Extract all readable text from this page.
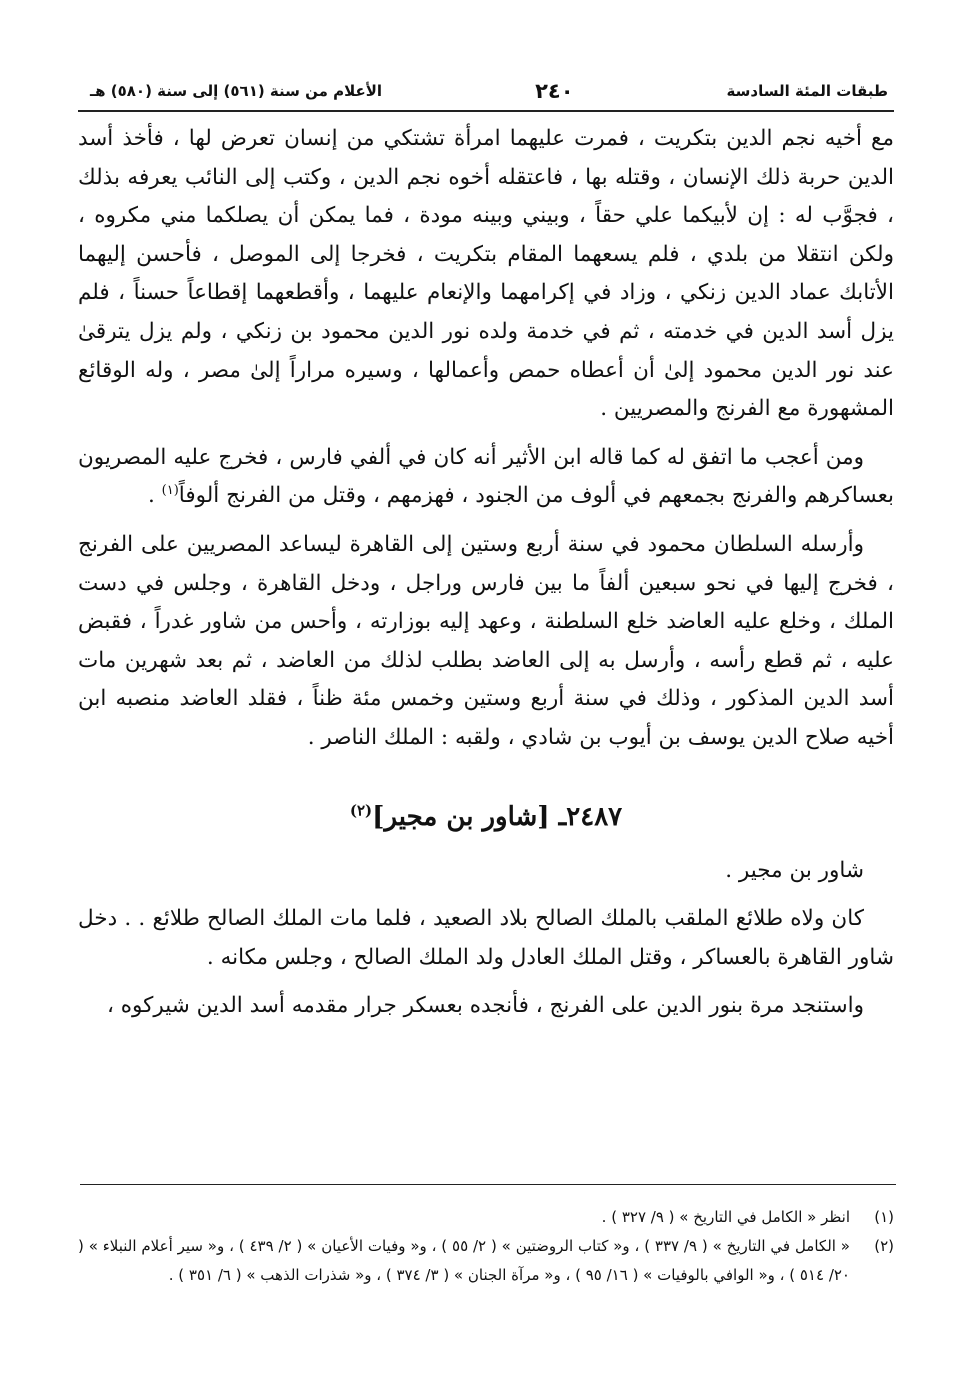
طبقات المئة السادسة
٢٤٠
الأعلام من سنة (٥٦١) إلى سنة (٥٨٠) هـ

مع أخيه نجم الدين بتكريت ، فمرت عليهما امرأة تشتكي من إنسان تعرض لها ، فأخذ أسد الدين حربة ذلك الإنسان ، وقتله بها ، فاعتقله أخوه نجم الدين ، وكتب إلى النائب يعرفه بذلك ، فجوَّب له : إن لأبيكما علي حقاً ، وبيني وبينه مودة ، فما يمكن أن يصلكما مني مكروه ، ولكن انتقلا من بلدي ، فلم يسعهما المقام بتكريت ، فخرجا إلى الموصل ، فأحسن إليهما الأتابك عماد الدين زنكي ، وزاد في إكرامهما والإنعام عليهما ، وأقطعهما إقطاعاً حسناً ، فلم يزل أسد الدين في خدمته ، ثم في خدمة ولده نور الدين محمود بن زنكي ، ولم يزل يترقىٰ عند نور الدين محمود إلىٰ أن أعطاه حمص وأعمالها ، وسيره مراراً إلىٰ مصر ، وله الوقائع المشهورة مع الفرنج والمصريين .

ومن أعجب ما اتفق له كما قاله ابن الأثير أنه كان في ألفي فارس ، فخرج عليه المصريون بعساكرهم والفرنج بجمعهم في ألوف من الجنود ، فهزمهم ، وقتل من الفرنج ألوفاً$^{(١)}$ .

وأرسله السلطان محمود في سنة أربع وستين إلى القاهرة ليساعد المصريين على الفرنج ، فخرج إليها في نحو سبعين ألفاً ما بين فارس وراجل ، ودخل القاهرة ، وجلس في دست الملك ، وخلع عليه العاضد خلع السلطنة ، وعهد إليه بوزارته ، وأحس من شاور غدراً ، فقبض عليه ، ثم قطع رأسه ، وأرسل به إلى العاضد بطلب لذلك من العاضد ، ثم بعد شهرين مات أسد الدين المذكور ، وذلك في سنة أربع وستين وخمس مئة ظناً ، فقلد العاضد منصبه ابن أخيه صلاح الدين يوسف بن أيوب بن شادي ، ولقبه : الملك الناصر .

٢٤٨٧ـ [شاور بن مجير]$^{(٢)}$

شاور بن مجير .

كان ولاه طلائع الملقب بالملك الصالح بلاد الصعيد ، فلما مات الملك الصالح طلائع . . دخل شاور القاهرة بالعساكر ، وقتل الملك العادل ولد الملك الصالح ، وجلس مكانه .

واستنجد مرة بنور الدين على الفرنج ، فأنجده بعسكر جرار مقدمه أسد الدين شيركوه ،

(١)
انظر « الكامل في التاريخ » ( ٩/ ٣٢٧ ) .
(٢)
« الكامل في التاريخ » ( ٩/ ٣٣٧ ) ، و« كتاب الروضتين » ( ٢/ ٥٥ ) ، و« وفيات الأعيان » ( ٢/ ٤٣٩ ) ، و« سير أعلام النبلاء » ( ٢٠/ ٥١٤ ) ، و« الوافي بالوفيات » ( ١٦/ ٩٥ ) ، و« مرآة الجنان » ( ٣/ ٣٧٤ ) ، و« شذرات الذهب » ( ٦/ ٣٥١ ) .
